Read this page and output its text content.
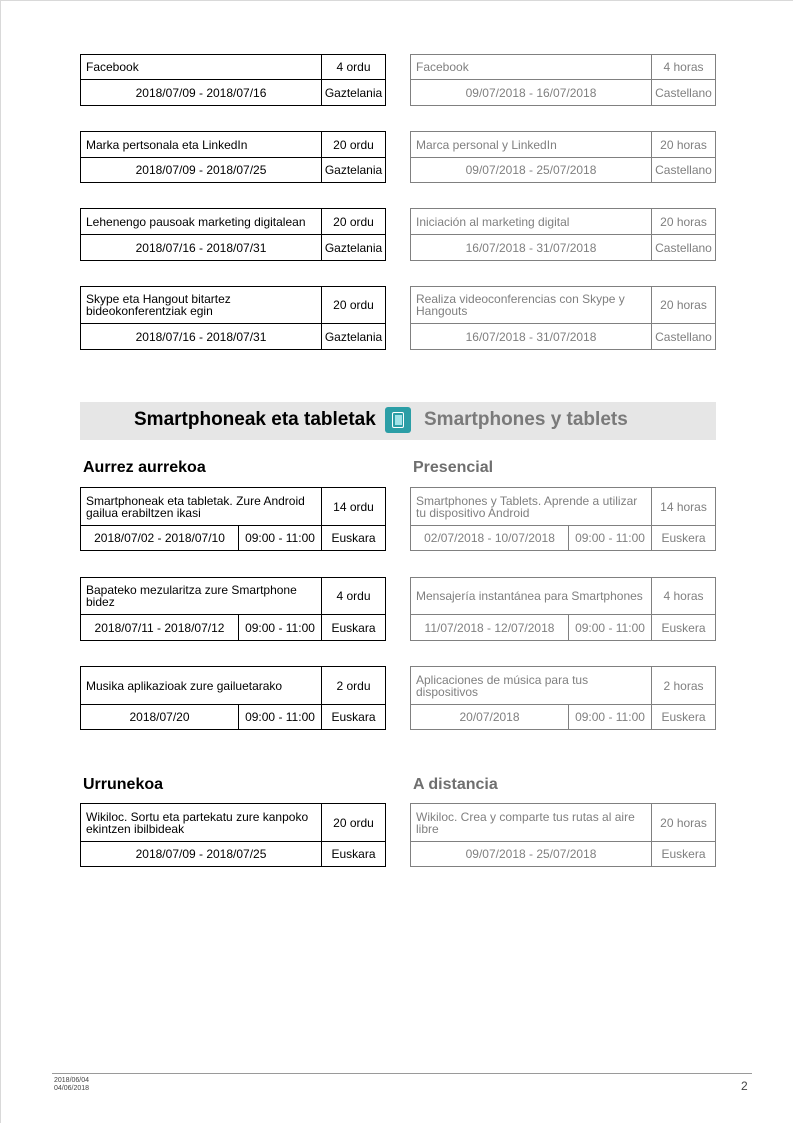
Facebook	4 ordu
2018/07/09 - 2018/07/16	Gaztelania
Facebook	4 horas
09/07/2018 - 16/07/2018	Castellano
Marka pertsonala eta LinkedIn	20 ordu
2018/07/09 - 2018/07/25	Gaztelania
Marca personal y LinkedIn	20 horas
09/07/2018 - 25/07/2018	Castellano
Lehenengo pausoak marketing digitalean	20 ordu
2018/07/16 - 2018/07/31	Gaztelania
Iniciación al marketing digital	20 horas
16/07/2018 - 31/07/2018	Castellano
Skype eta Hangout bitartez bideokonferentziak egin	20 ordu
2018/07/16 - 2018/07/31	Gaztelania
Realiza videoconferencias con Skype y Hangouts	20 horas
16/07/2018 - 31/07/2018	Castellano
Smartphoneak eta tabletak	Smartphones y tablets
Aurrez aurrekoa	Presencial
Smartphoneak eta tabletak. Zure Android gailua erabiltzen ikasi		14 ordu
2018/07/02 - 2018/07/10	09:00 - 11:00	Euskara
Smartphones y Tablets. Aprende a utilizar tu dispositivo Android		14 horas
02/07/2018 - 10/07/2018	09:00 - 11:00	Euskera
Bapateko mezularitza zure Smartphone bidez		4 ordu
2018/07/11 - 2018/07/12	09:00 - 11:00	Euskara
Mensajería instantánea para Smartphones		4 horas
11/07/2018 - 12/07/2018	09:00 - 11:00	Euskera
Musika aplikazioak zure gailuetarako		2 ordu
2018/07/20	09:00 - 11:00	Euskara
Aplicaciones de música para tus dispositivos		2 horas
20/07/2018	09:00 - 11:00	Euskera
Urrunekoa	A distancia
Wikiloc. Sortu eta partekatu zure kanpoko ekintzen ibilbideak	20 ordu
2018/07/09 - 2018/07/25	Euskara
Wikiloc. Crea y comparte tus rutas al aire libre	20 horas
09/07/2018 - 25/07/2018	Euskera
2018/06/04
04/06/2018	2
